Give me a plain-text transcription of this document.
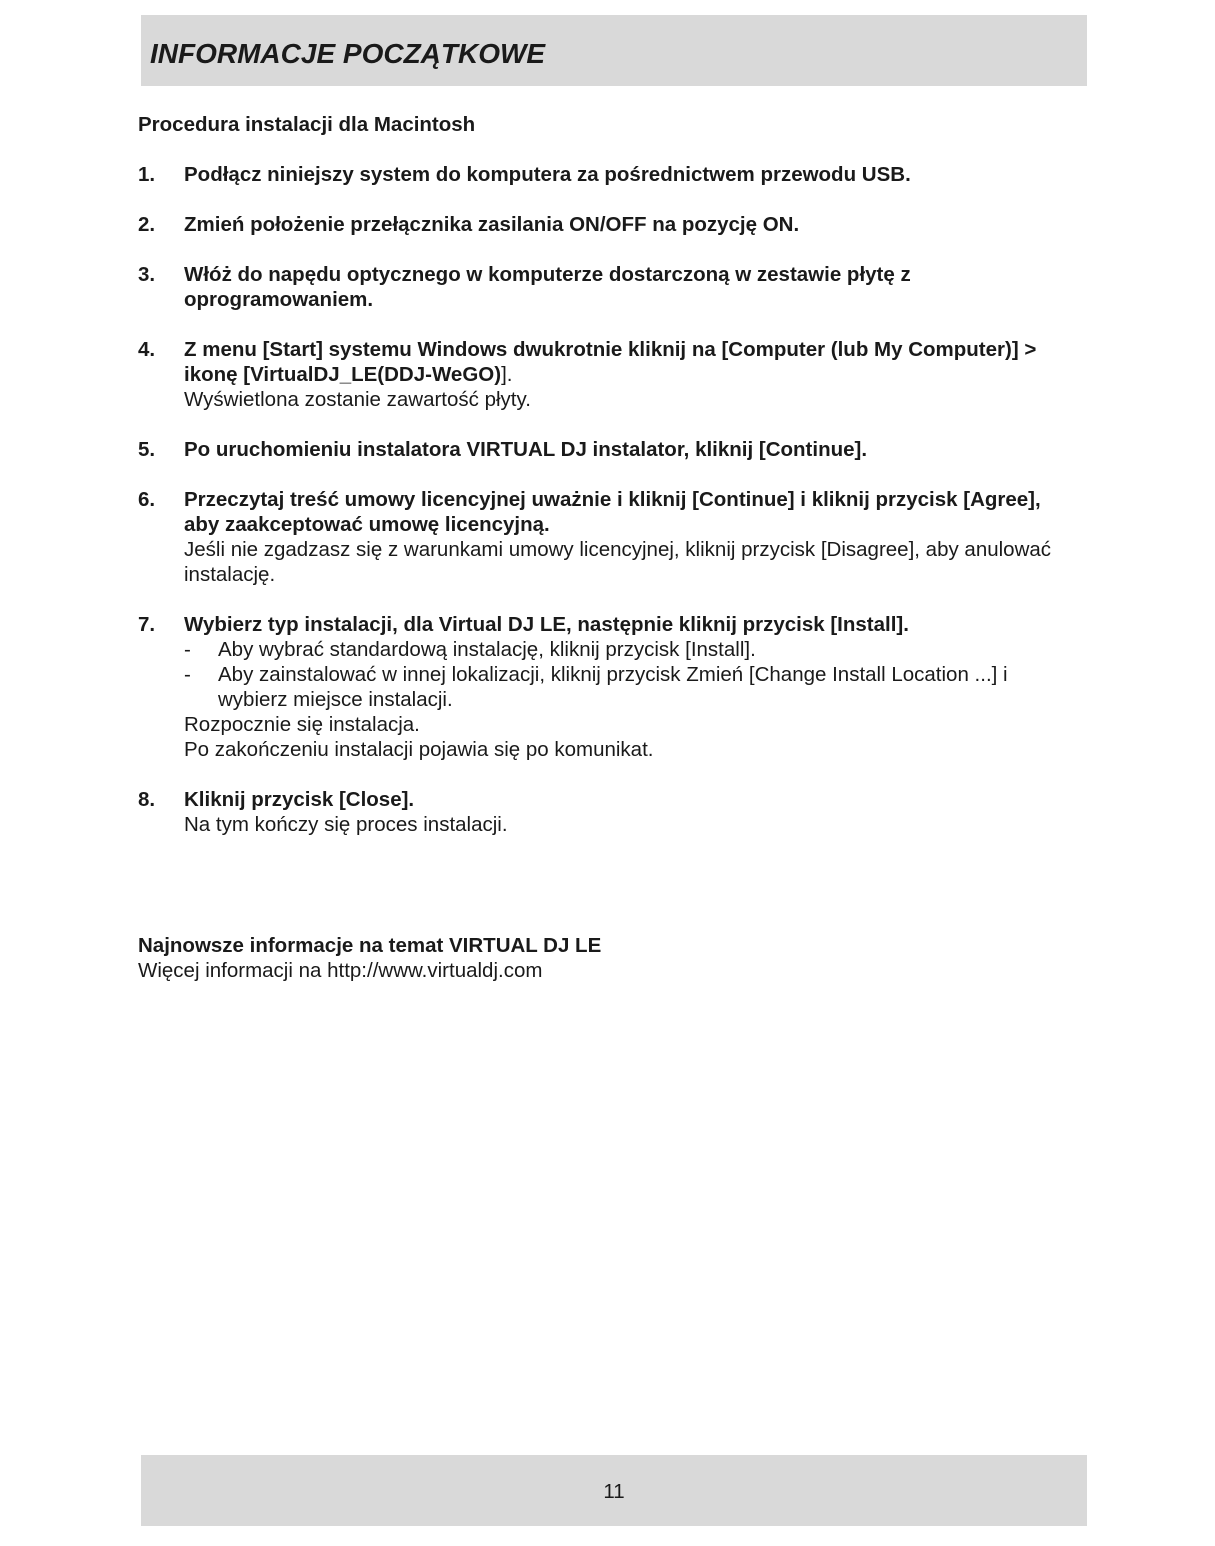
INFORMACJE POCZĄTKOWE

Procedura instalacji dla Macintosh

1.	Podłącz niniejszy system do komputera za pośrednictwem przewodu USB.
2.	Zmień położenie przełącznika zasilania ON/OFF na pozycję ON.
3.	Włóż do napędu optycznego w komputerze dostarczoną w zestawie płytę z oprogramowaniem.
4.	Z menu [Start] systemu Windows dwukrotnie kliknij na [Computer (lub My Computer)] > ikonę [VirtualDJ_LE(DDJ-WeGO)].
Wyświetlona zostanie zawartość płyty.
5.	Po uruchomieniu instalatora VIRTUAL DJ instalator, kliknij [Continue].
6.	Przeczytaj treść umowy licencyjnej uważnie i kliknij [Continue] i kliknij przycisk [Agree], aby zaakceptować umowę licencyjną.
Jeśli nie zgadzasz się z warunkami umowy licencyjnej, kliknij przycisk [Disagree], aby anulować instalację.
7.	Wybierz typ instalacji, dla Virtual DJ LE, następnie kliknij przycisk [Install].
-	Aby wybrać standardową instalację, kliknij przycisk [Install].
-	Aby zainstalować w innej lokalizacji, kliknij przycisk Zmień [Change Install Location ...] i wybierz miejsce instalacji.
Rozpocznie się instalacja.
Po zakończeniu instalacji pojawia się po komunikat.
8.	Kliknij przycisk [Close].
Na tym kończy się proces instalacji.
Najnowsze informacje na temat VIRTUAL DJ LE
Więcej informacji na http://www.virtualdj.com
11
